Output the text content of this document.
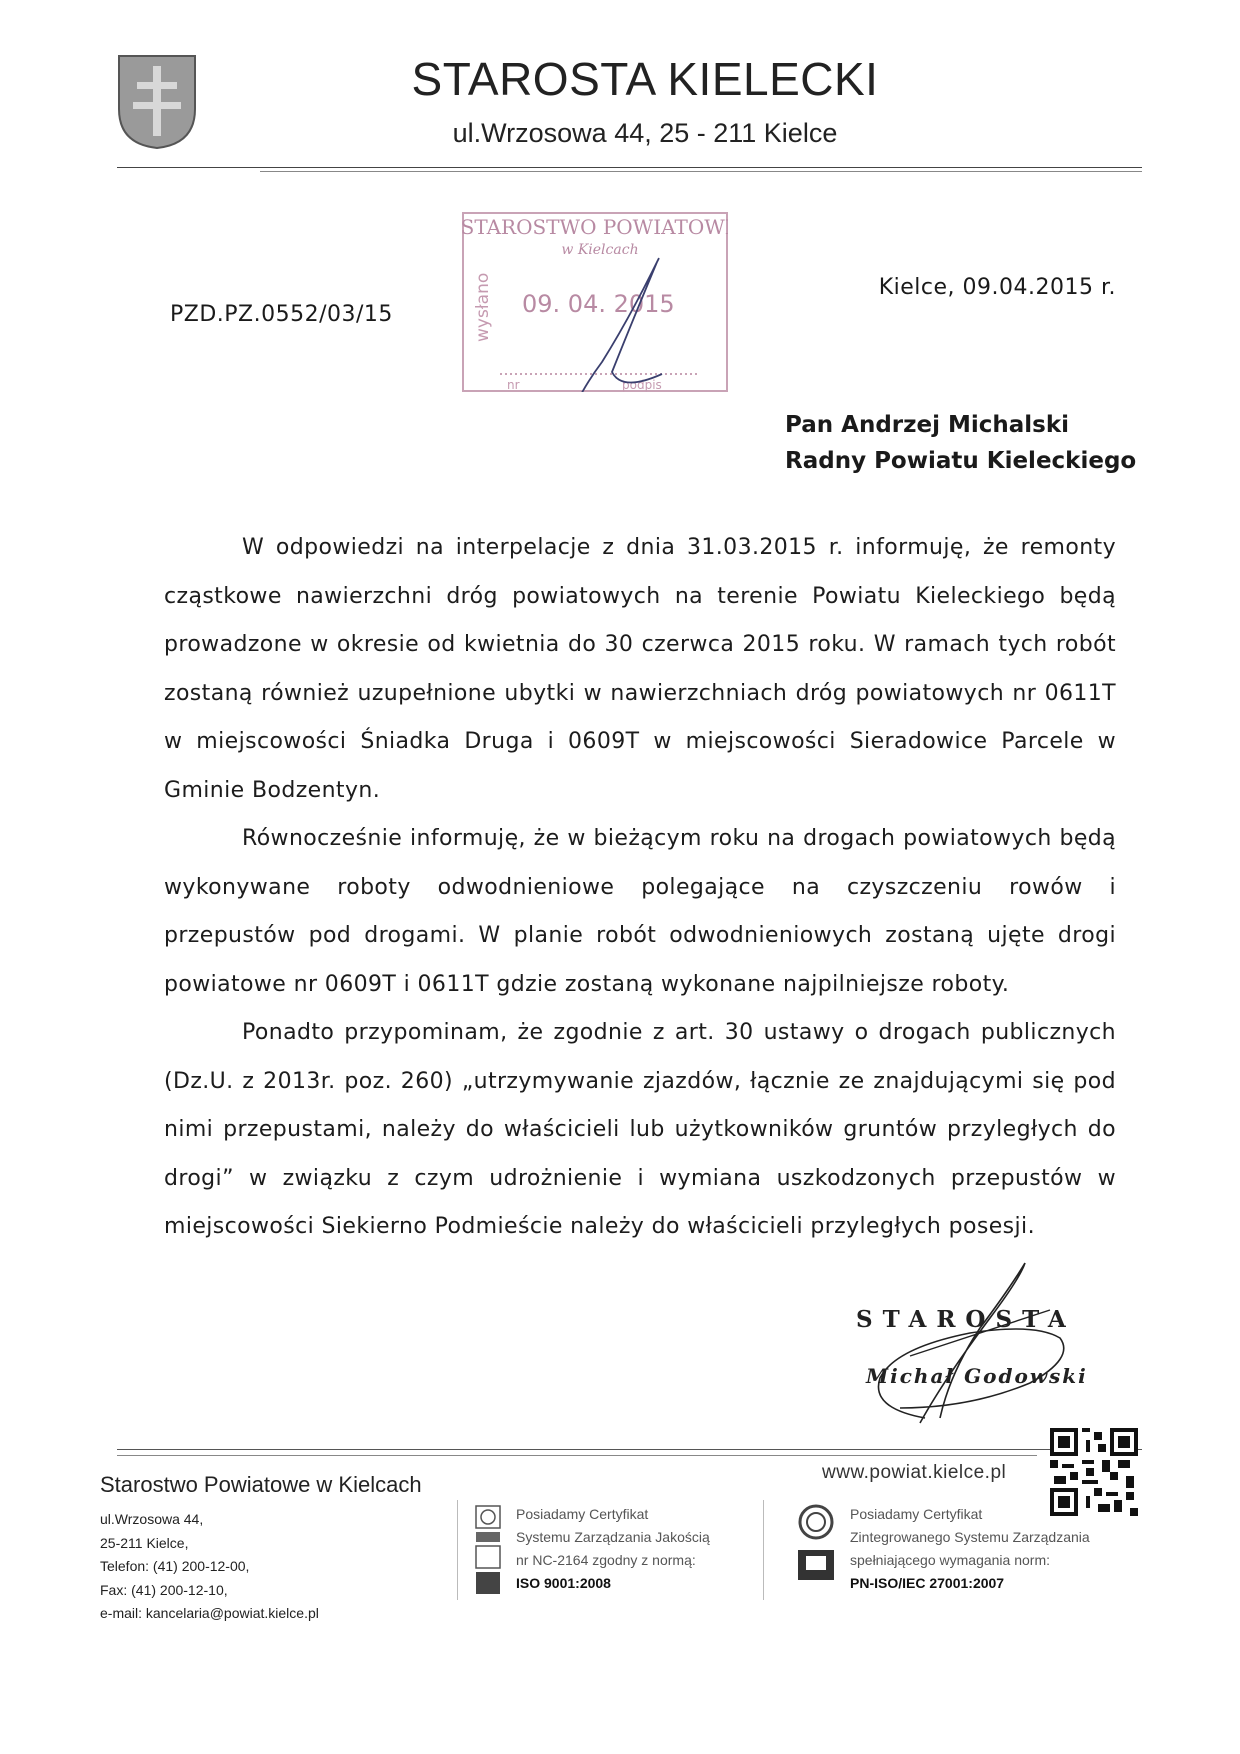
STAROSTA KIELECKI
ul.Wrzosowa 44, 25 - 211 Kielce
STAROSTWO POWIATOWE
w Kielcach
wysłano 09. 04. 2015
nr	podpis
PZD.PZ.0552/03/15
Kielce, 09.04.2015 r.
Pan Andrzej Michalski
Radny Powiatu Kieleckiego

W odpowiedzi na interpelacje z dnia 31.03.2015 r. informuję, że remonty cząstkowe nawierzchni dróg powiatowych na terenie Powiatu Kieleckiego będą prowadzone w okresie od kwietnia do 30 czerwca 2015 roku. W ramach tych robót zostaną również uzupełnione ubytki w nawierzchniach dróg powiatowych nr 0611T w miejscowości Śniadka Druga i 0609T w miejscowości Sieradowice Parcele w Gminie Bodzentyn.

Równocześnie informuję, że w bieżącym roku na drogach powiatowych będą wykonywane roboty odwodnieniowe polegające na czyszczeniu rowów i przepustów pod drogami. W planie robót odwodnieniowych zostaną ujęte drogi powiatowe nr 0609T i 0611T gdzie zostaną wykonane najpilniejsze roboty.

Ponadto przypominam, że zgodnie z art. 30 ustawy o drogach publicznych (Dz.U. z 2013r. poz. 260) „utrzymywanie zjazdów, łącznie ze znajdującymi się pod nimi przepustami, należy do właścicieli lub użytkowników gruntów przyległych do drogi” w związku z czym udrożnienie i wymiana uszkodzonych przepustów w miejscowości Siekierno Podmieście należy do właścicieli przyległych posesji.

STAROSTA
Michał Godowski
Starostwo Powiatowe w Kielcach	www.powiat.kielce.pl
ul.Wrzosowa 44,
25-211 Kielce,
Telefon: (41) 200-12-00,
Fax: (41) 200-12-10,
e-mail: kancelaria@powiat.kielce.pl
Posiadamy Certyfikat
Systemu Zarządzania Jakością
nr NC-2164 zgodny z normą:
ISO 9001:2008
Posiadamy Certyfikat
Zintegrowanego Systemu Zarządzania
spełniającego wymagania norm:
PN-ISO/IEC 27001:2007
